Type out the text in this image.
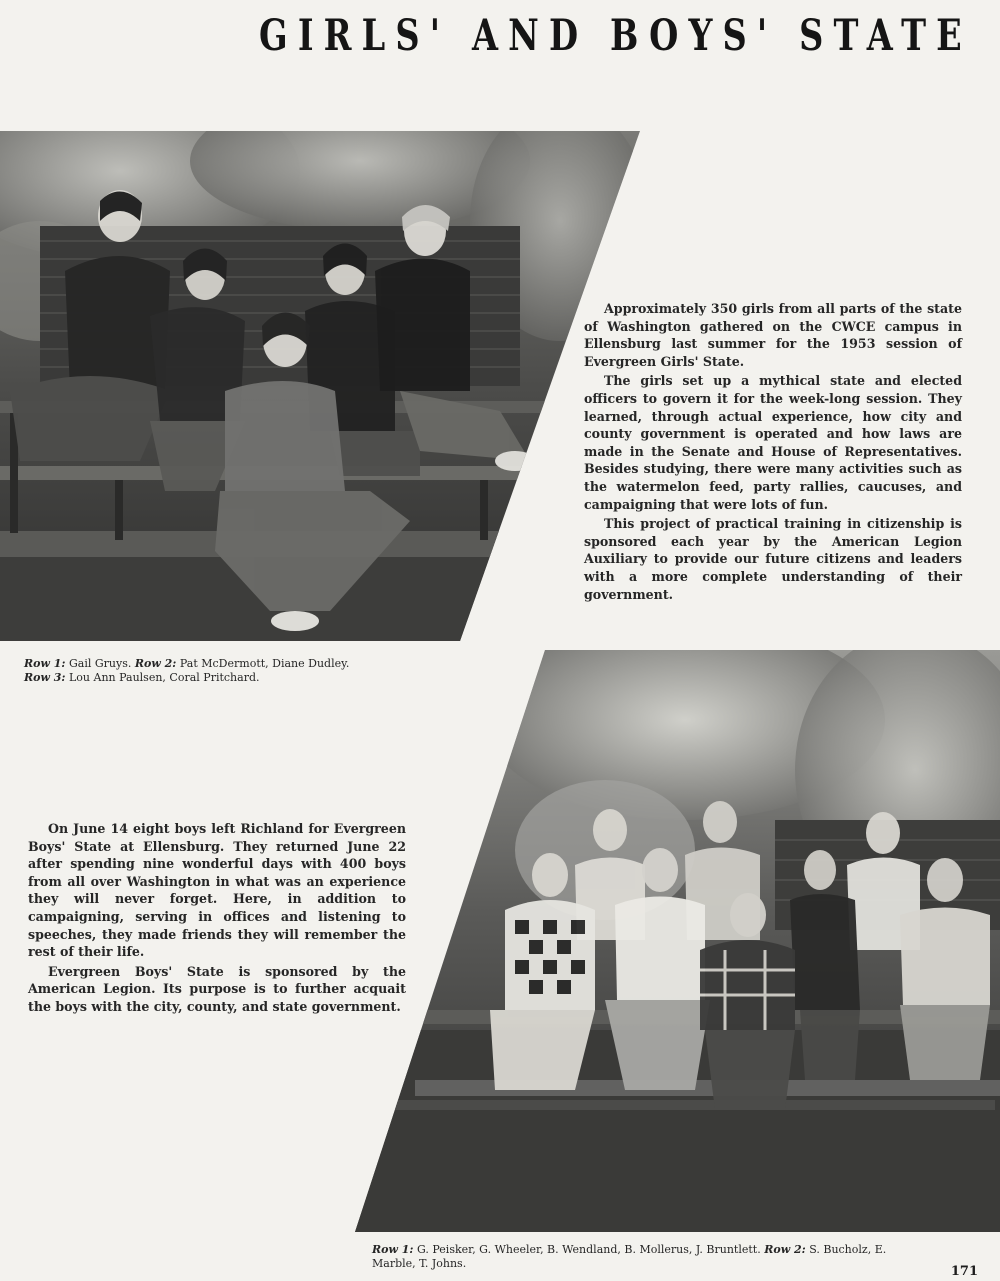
GIRLS' AND BOYS' STATE

Approximately 350 girls from all parts of the state of Washington gathered on the CWCE campus in Ellensburg last summer for the 1953 session of Evergreen Girls' State.

The girls set up a mythical state and elected officers to govern it for the week-long session. They learned, through actual experience, how city and county government is operated and how laws are made in the Senate and House of Representatives. Besides studying, there were many activities such as the watermelon feed, party rallies, caucuses, and campaigning that were lots of fun.

This project of practical training in citizenship is sponsored each year by the American Legion Auxiliary to provide our future citizens and leaders with a more complete understanding of their government.

Row 1: Gail Gruys. Row 2: Pat McDermott, Diane Dudley. Row 3: Lou Ann Paulsen, Coral Pritchard.

On June 14 eight boys left Richland for Evergreen Boys' State at Ellensburg. They returned June 22 after spending nine wonderful days with 400 boys from all over Washington in what was an experience they will never forget. Here, in addition to campaigning, serving in offices and listening to speeches, they made friends they will remember the rest of their life.

Evergreen Boys' State is sponsored by the American Legion. Its purpose is to further acquait the boys with the city, county, and state government.

Row 1: G. Peisker, G. Wheeler, B. Wendland, B. Mollerus, J. Bruntlett. Row 2: S. Bucholz, E. Marble, T. Johns.
171
